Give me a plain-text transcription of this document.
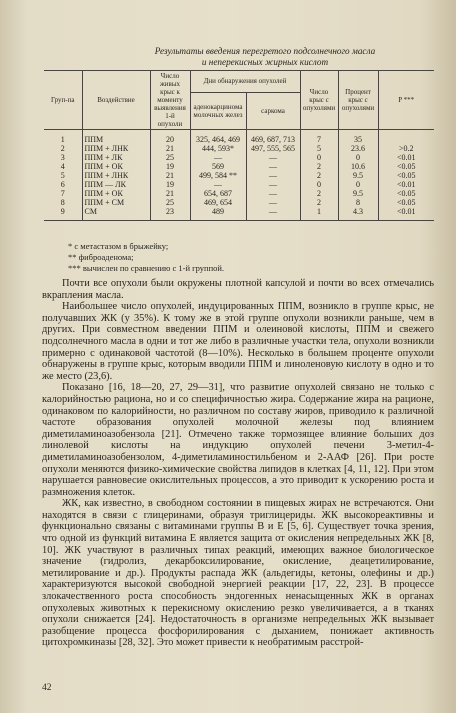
Результаты введения перегретого подсолнечного масла
и неперекисных жирных кислот
Груп-па	Воздействие	Число живых крыс к моменту выявления 1-й опухоли	Дни обнаружения опухолей		Число крыс с опухолями	Процент крыс с опухолями	P ***
			аденокарцинома молочных желез	саркома			
1	ППМ	20	325, 464, 469	469, 687, 713	7	35	
2	ППМ + ЛНК	21	444, 593*	497, 555, 565	5	23.6	>0.2
3	ППМ + ЛК	25	—	—	0	0	<0.01
4	ППМ + ОК	19	569	—	2	10.6	<0.05
5	ППМ + ЛНК	21	499, 584 **	—	2	9.5	<0.05
6	ППМ — ЛК	19	—	—	0	0	<0.01
7	ППМ + ОК	21	654, 687	—	2	9.5	<0.05
8	ППМ + СМ	25	469, 654	—	2	8	<0.05
9	СМ	23	489	—	1	4.3	<0.01
* с метастазом в брыжейку;
** фиброаденома;
*** вычислен по сравнению с 1-й группой.

Почти все опухоли были окружены плотной капсулой и почти во всех отмечались вкрапления масла.

Наибольшее число опухолей, индуцированных ППМ, возникло в группе крыс, не получавших ЖК (у 35%). К тому же в этой группе опухоли возникли раньше, чем в других. При совместном введении ППМ и олеиновой кислоты, ППМ и свежего подсолнечного масла в одни и тот же либо в различные участки тела, опухоли возникли примерно с одинаковой частотой (8—10%). Несколько в большем проценте опухоли обнаружены в группе крыс, которым вводили ППМ и линоленовую кислоту в одно и то же место (23,6).

Показано [16, 18—20, 27, 29—31], что развитие опухолей связано не только с калорийностью рациона, но и со специфичностью жира. Содержание жира на рационе, одинаковом по калорийности, но различном по составу жиров, приводило к различной частоте образования опухолей молочной железы под влиянием диметиламиноазобензола [21]. Отмечено также тормозящее влияние больших доз линолевой кислоты на индукцию опухолей печени 3-метил-4-диметиламиноазобензолом, 4-диметиламиностильбеном и 2-ААФ [26]. При росте опухоли меняются физико-химические свойства липидов в клетках [4, 11, 12]. При этом нарушается равновесие окислительных процессов, а это приводит к ускорению роста и размножения клеток.

ЖК, как известно, в свободном состоянии в пищевых жирах не встречаются. Они находятся в связи с глицеринами, образуя триглицериды. ЖК высокореактивны и функционально связаны с витаминами группы В и Е [5, 6]. Существует точка зрения, что одной из функций витамина Е является защита от окисления непредельных ЖК [8, 10]. ЖК участвуют в различных типах реакций, имеющих важное биологическое значение (гидролиз, декарбоксилирование, окисление, деацетилирование, метилирование и др.). Продукты распада ЖК (альдегиды, кетоны, олефины и др.) характеризуются высокой свободной энергией реакции [17, 22, 23]. В процессе злокачественного роста способность эндогенных ненасыщенных ЖК в органах опухолевых животных к перекисному окислению резко увеличивается, а в тканях опухоли снижается [24]. Недостаточность в организме непредельных ЖК вызывает разобщение процесса фосфорилирования с дыханием, понижает активность цитохромкиназы [28, 32]. Это может привести к необратимым расстрой-

42
